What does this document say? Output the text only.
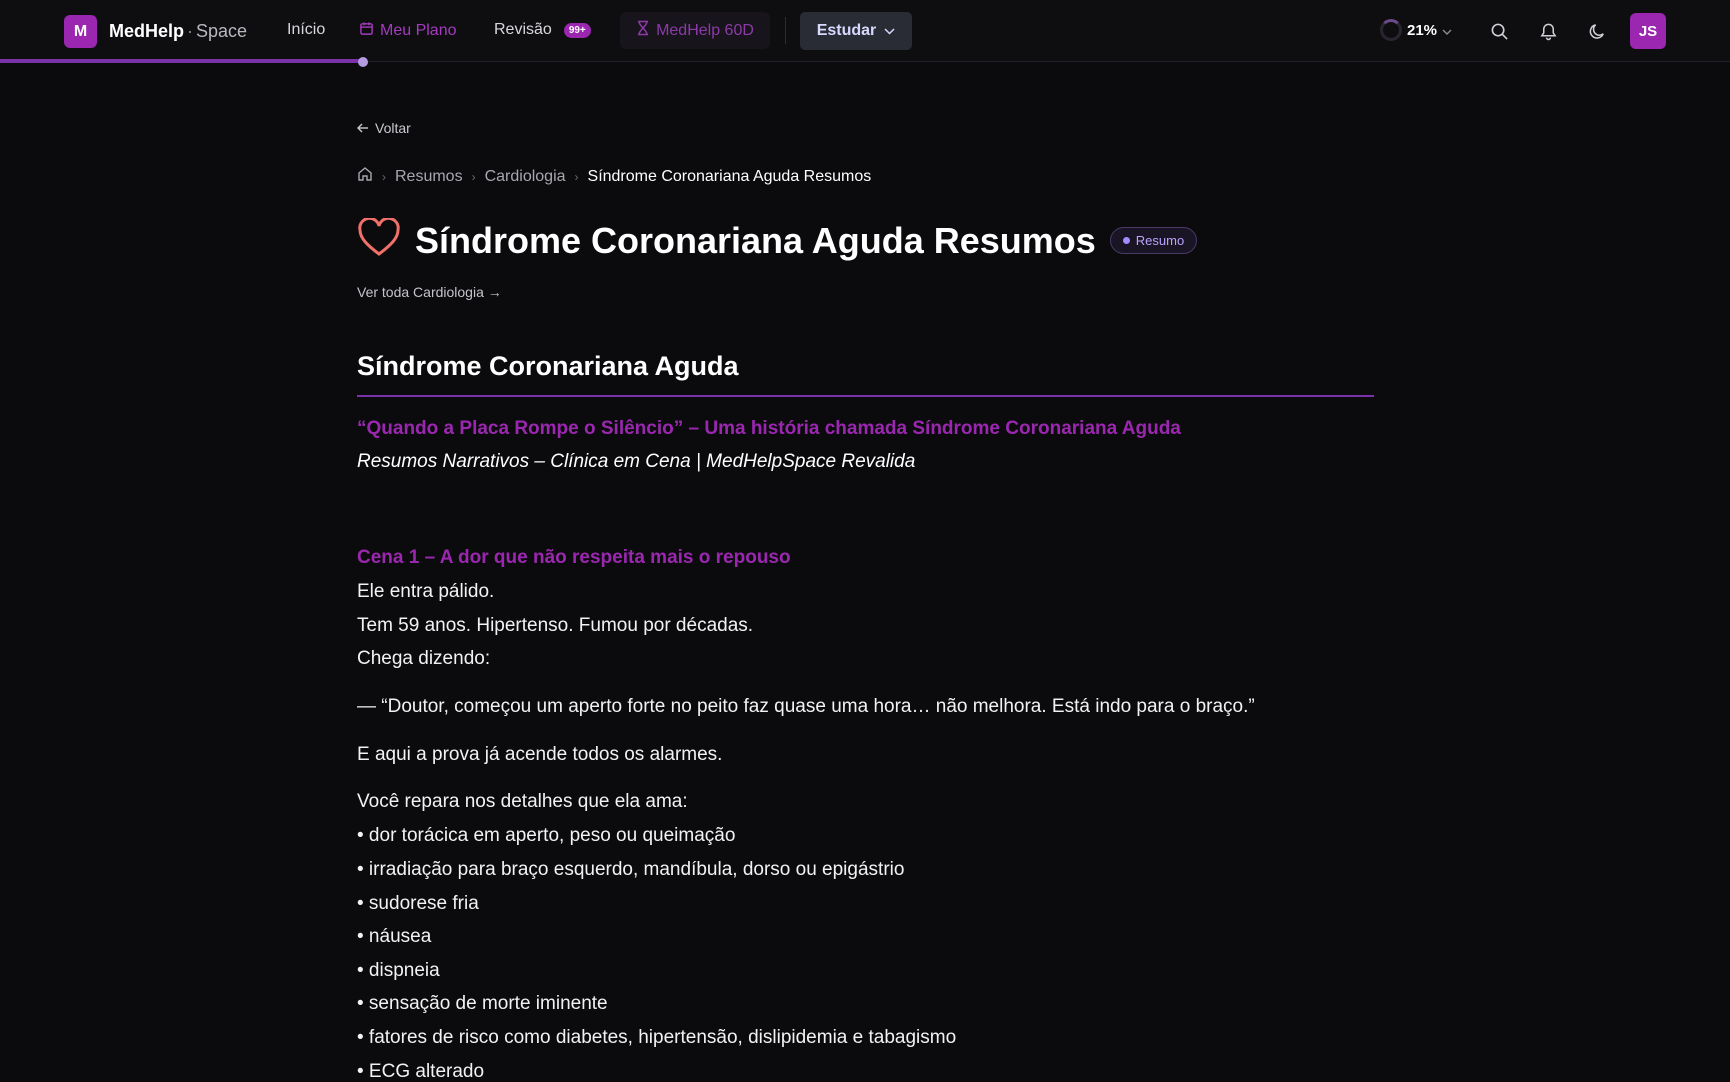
M MedHelp · Space Início	Meu Plano Revisão	99+	MedHelp 60D	Estudar	21%	JS
Voltar
› Resumos › Cardiologia › Síndrome Coronariana Aguda Resumos
Síndrome Coronariana Aguda Resumos	Resumo
Ver toda Cardiologia →
Síndrome Coronariana Aguda
“Quando a Placa Rompe o Silêncio” – Uma história chamada Síndrome Coronariana Aguda
Resumos Narrativos – Clínica em Cena | MedHelpSpace Revalida
Cena 1 – A dor que não respeita mais o repouso
Ele entra pálido.
Tem 59 anos. Hipertenso. Fumou por décadas.
Chega dizendo:
— “Doutor, começou um aperto forte no peito faz quase uma hora… não melhora. Está indo para o braço.”
E aqui a prova já acende todos os alarmes.
Você repara nos detalhes que ela ama:
• dor torácica em aperto, peso ou queimação
• irradiação para braço esquerdo, mandíbula, dorso ou epigástrio
• sudorese fria
• náusea
• dispneia
• sensação de morte iminente
• fatores de risco como diabetes, hipertensão, dislipidemia e tabagismo
• ECG alterado
